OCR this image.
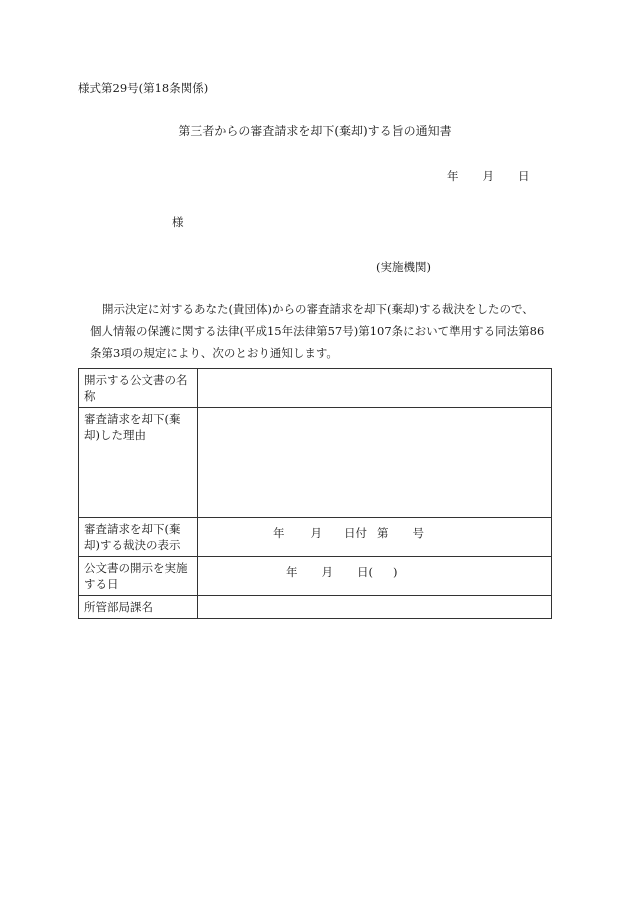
様式第29号(第18条関係)
第三者からの審査請求を却下(棄却)する旨の通知書
年 月 日
様
(実施機関)
開示決定に対するあなた(貴団体)からの審査請求を却下(棄却)する裁決をしたので、
個人情報の保護に関する法律(平成15年法律第57号)第107条において準用する同法第86
条第3項の規定により、次のとおり通知します。
開示する公文書の名称	
審査請求を却下(棄却)した理由	
審査請求を却下(棄却)する裁決の表示	年 月 日付 第 号

公文書の開示を実施する日	年 月 日( )

所管部局課名	
